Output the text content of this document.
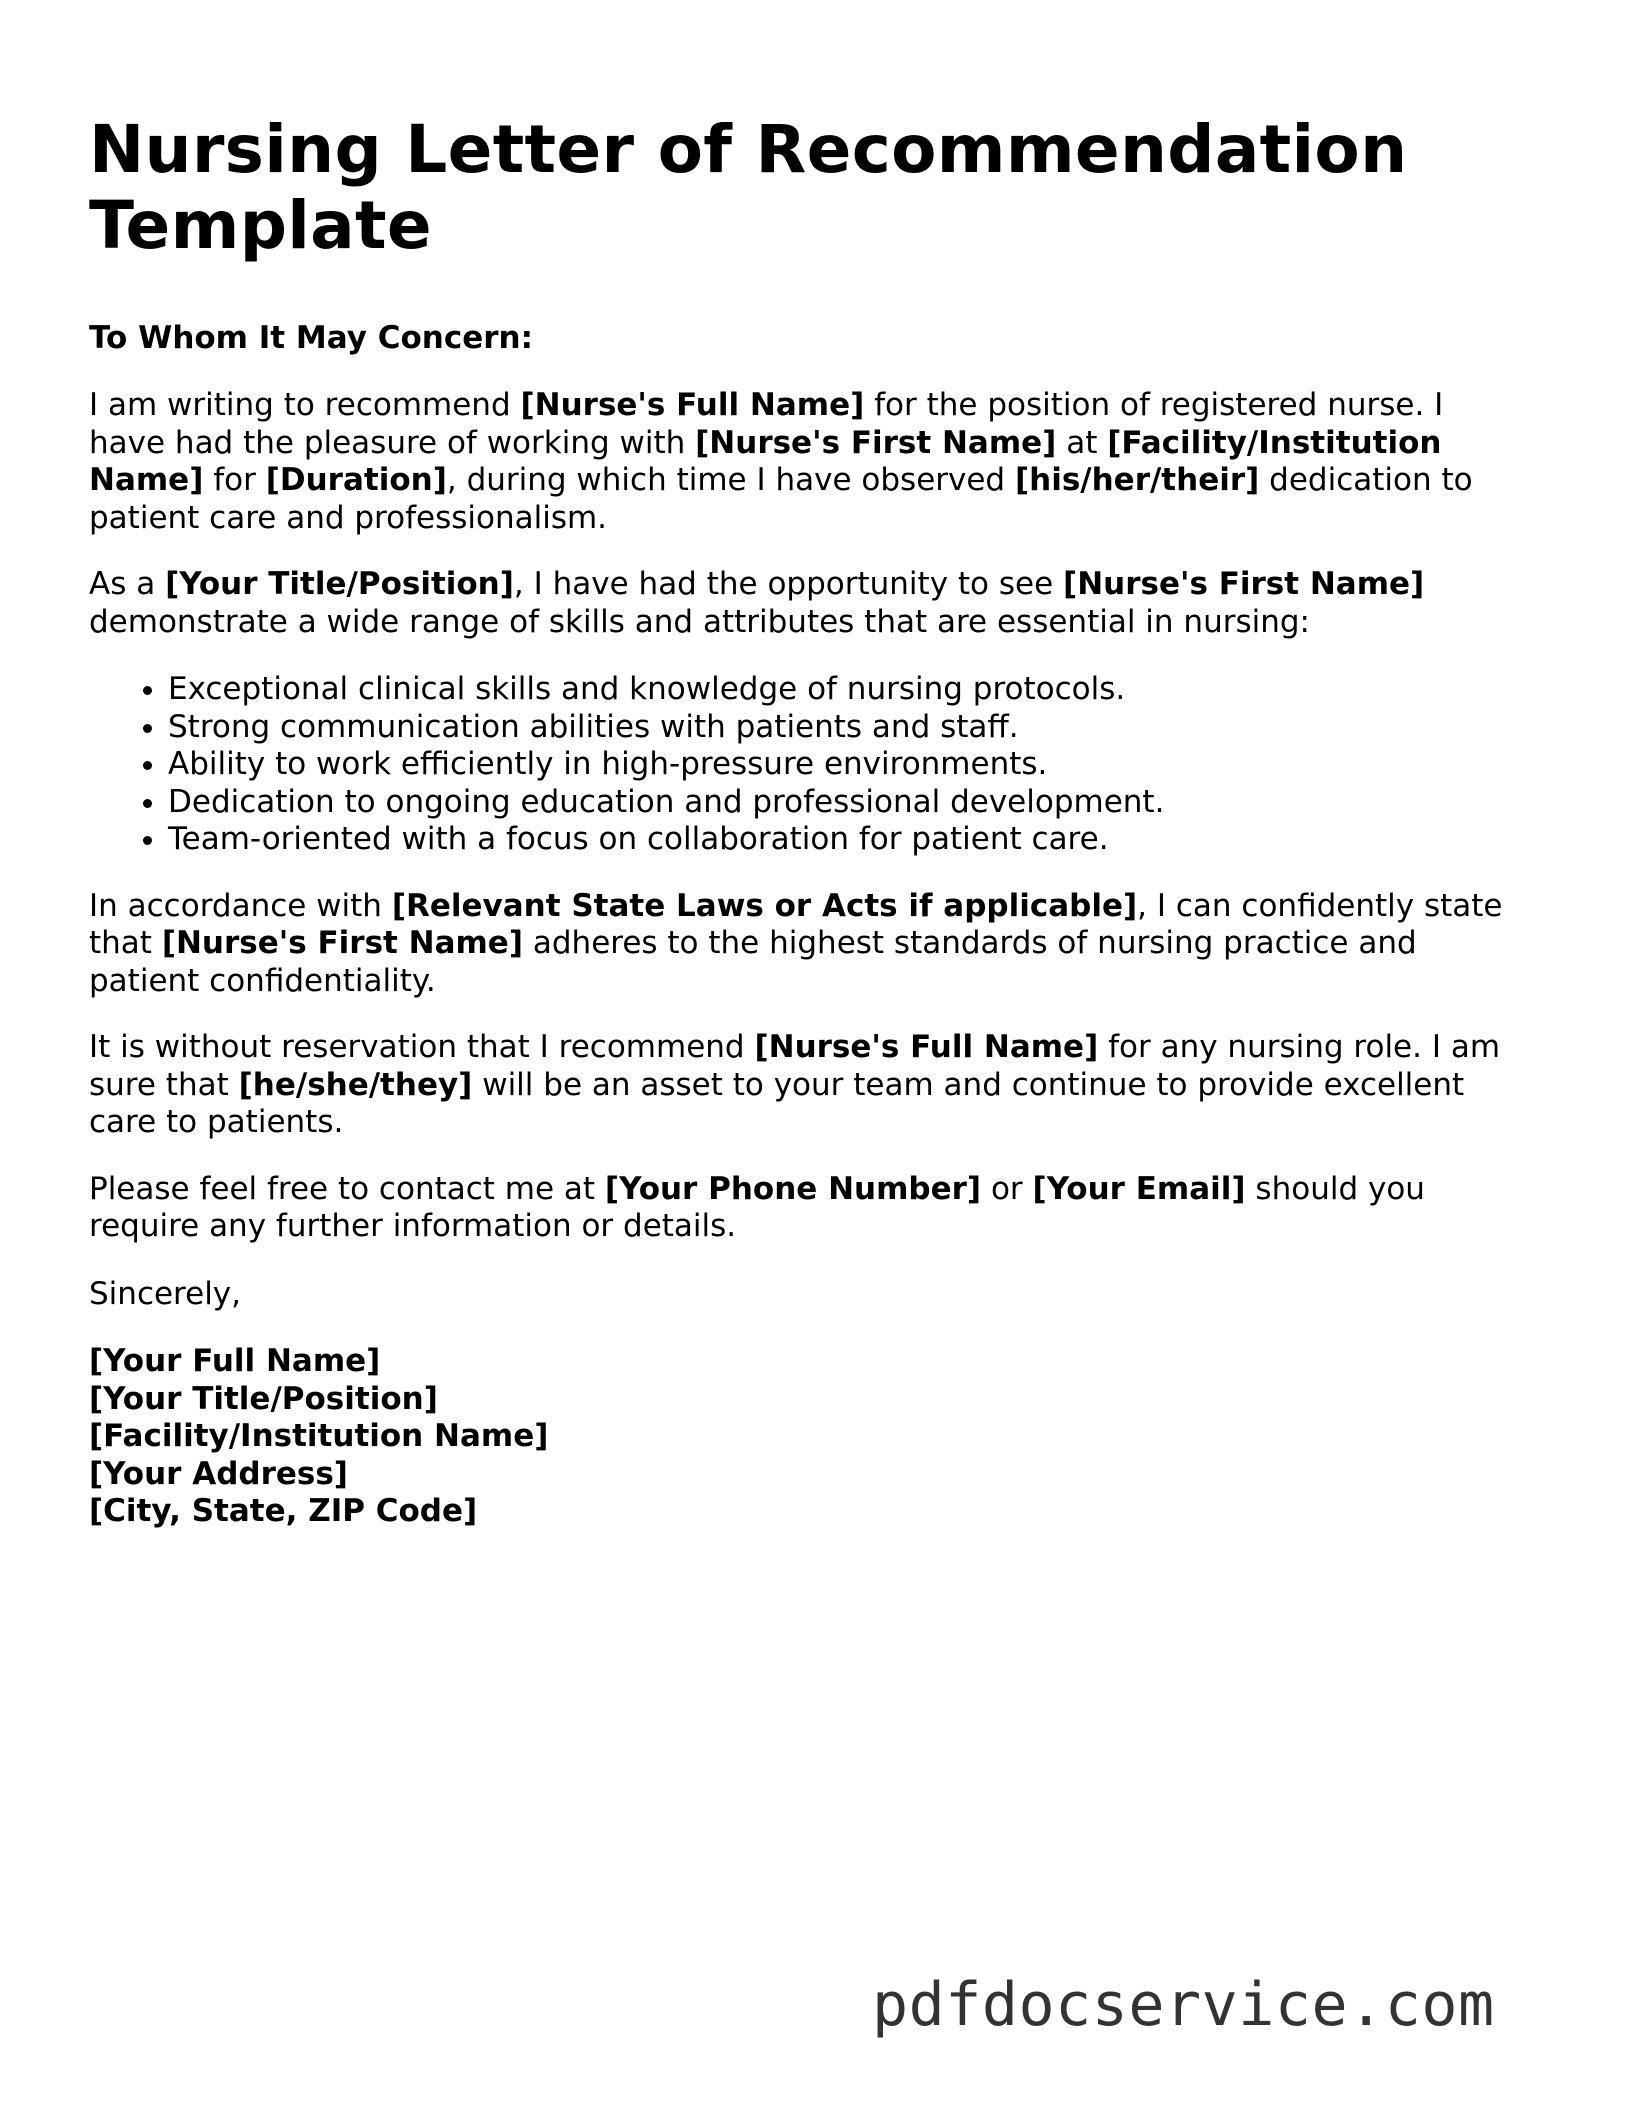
Nursing Letter of Recommendation Template
To Whom It May Concern:

I am writing to recommend [Nurse's Full Name] for the position of registered nurse. I have had the pleasure of working with [Nurse's First Name] at [Facility/Institution Name] for [Duration], during which time I have observed [his/her/their] dedication to patient care and professionalism.

As a [Your Title/Position], I have had the opportunity to see [Nurse's First Name] demonstrate a wide range of skills and attributes that are essential in nursing:

• Exceptional clinical skills and knowledge of nursing protocols.
• Strong communication abilities with patients and staff.
• Ability to work efficiently in high-pressure environments.
• Dedication to ongoing education and professional development.
• Team-oriented with a focus on collaboration for patient care.

In accordance with [Relevant State Laws or Acts if applicable], I can confidently state that [Nurse's First Name] adheres to the highest standards of nursing practice and patient confidentiality.

It is without reservation that I recommend [Nurse's Full Name] for any nursing role. I am sure that [he/she/they] will be an asset to your team and continue to provide excellent care to patients.

Please feel free to contact me at [Your Phone Number] or [Your Email] should you require any further information or details.

Sincerely,

[Your Full Name]
[Your Title/Position]
[Facility/Institution Name]
[Your Address]
[City, State, ZIP Code]
pdfdocservice.com
